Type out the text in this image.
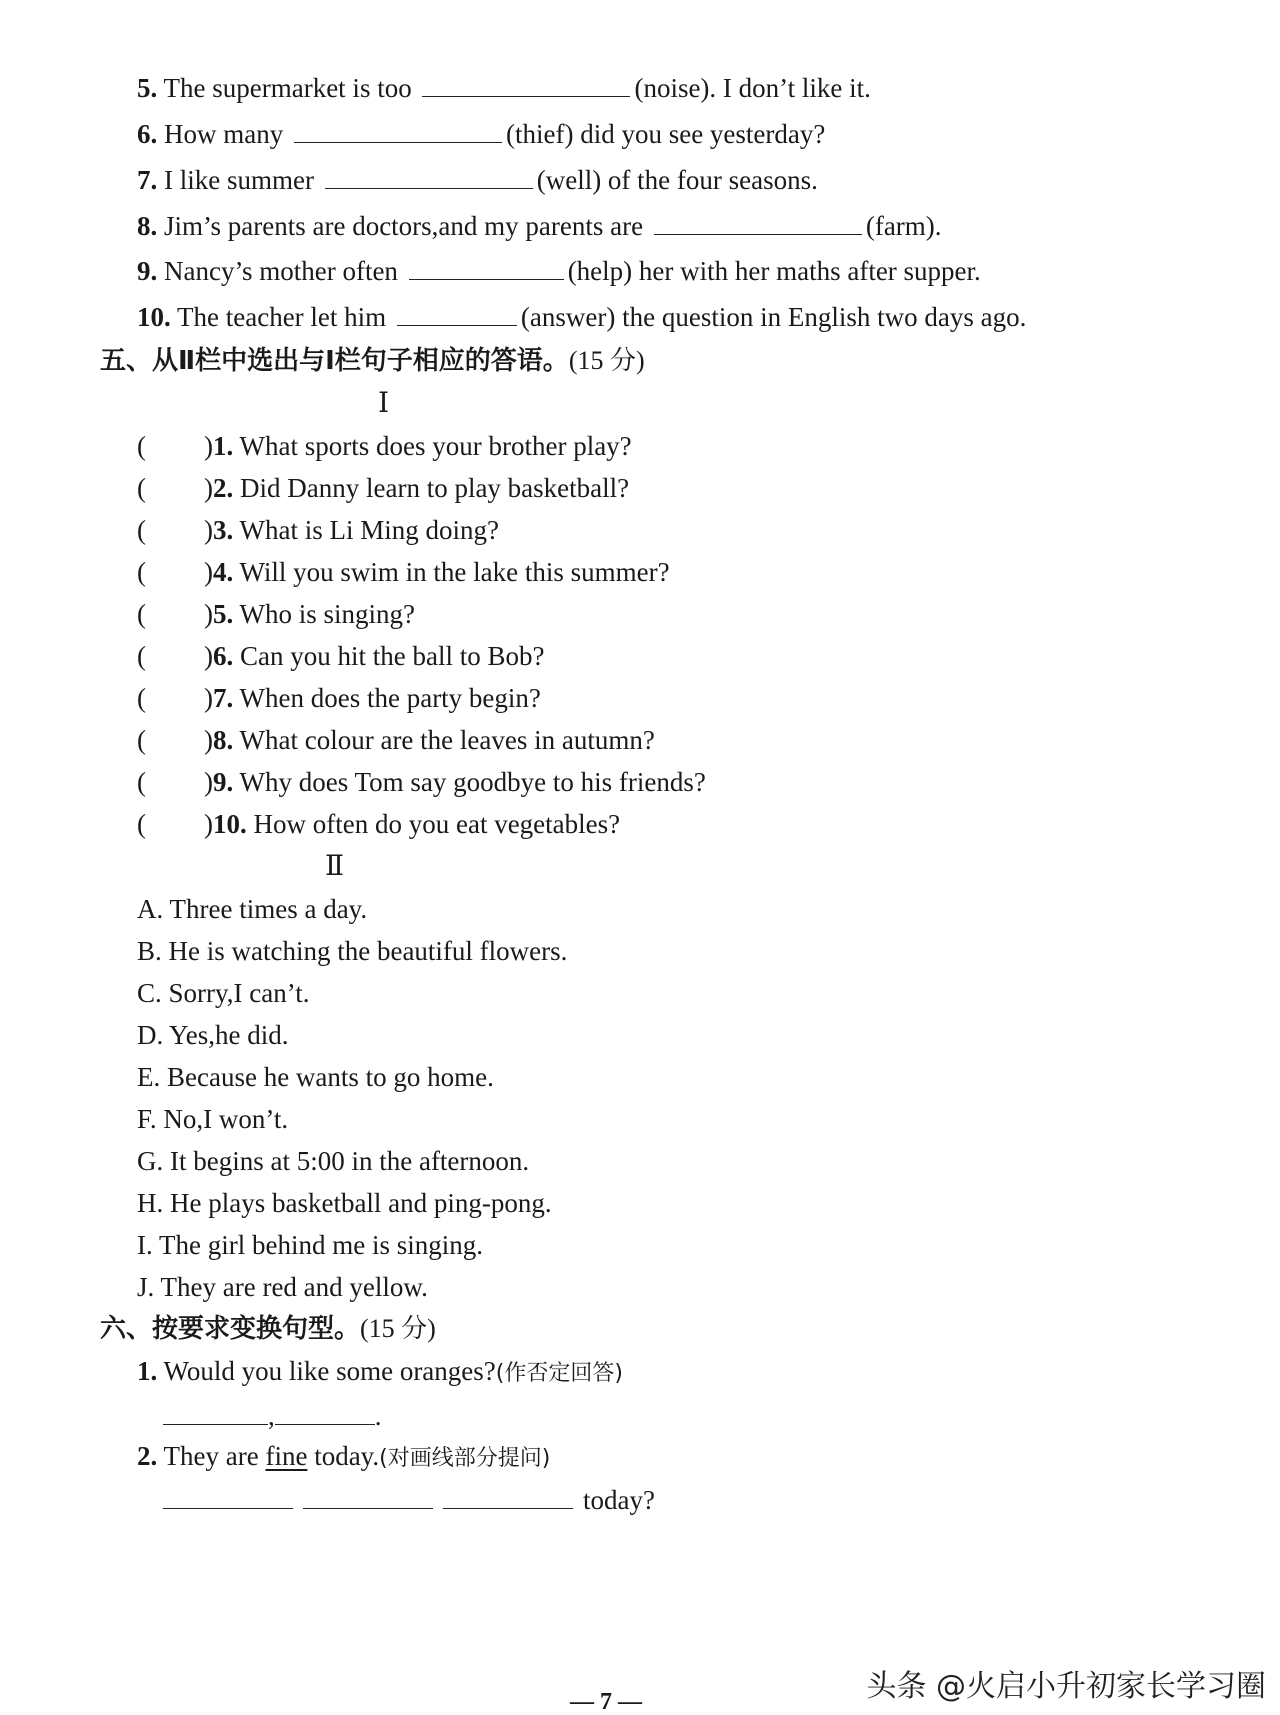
5. The supermarket is too	(noise). I don’t like it.
6. How many	(thief) did you see yesterday?
7. I like summer	(well) of the four seasons.
8. Jim’s parents are doctors,and my parents are	(farm).
9. Nancy’s mother often	(help) her with her maths after supper.
10. The teacher let him	(answer) the question in English two days ago.
五、从Ⅱ栏中选出与Ⅰ栏句子相应的答语。(15 分)
Ⅰ
( )1. What sports does your brother play?
( )2. Did Danny learn to play basketball?
( )3. What is Li Ming doing?
( )4. Will you swim in the lake this summer?
( )5. Who is singing?
( )6. Can you hit the ball to Bob?
( )7. When does the party begin?
( )8. What colour are the leaves in autumn?
( )9. Why does Tom say goodbye to his friends?
( )10. How often do you eat vegetables?
Ⅱ
A. Three times a day.
B. He is watching the beautiful flowers.
C. Sorry,I can’t.
D. Yes,he did.
E. Because he wants to go home.
F. No,I won’t.
G. It begins at 5:00 in the afternoon.
H. He plays basketball and ping-pong.
I. The girl behind me is singing.
J. They are red and yellow.
六、按要求变换句型。(15 分)
1. Would you like some oranges?(作否定回答)
,	.
2. They are fine today.(对画线部分提问)
today?
头条 @火启小升初家长学习圈
— 7 —
